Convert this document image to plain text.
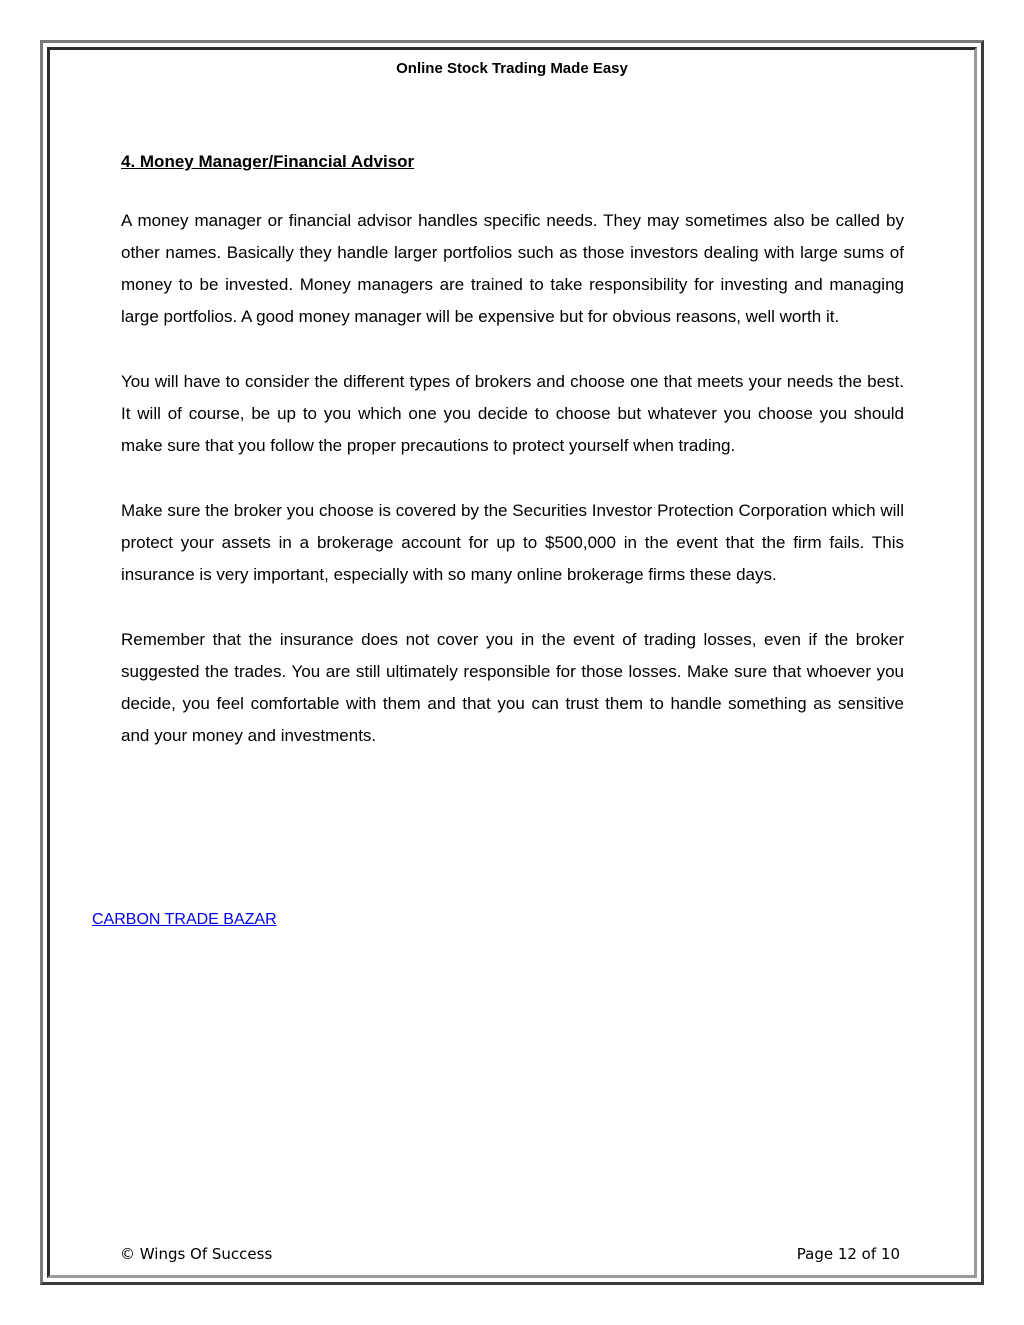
Online Stock Trading Made Easy
4. Money Manager/Financial Advisor

A money manager or financial advisor handles specific needs. They may sometimes also be called by other names. Basically they handle larger portfolios such as those investors dealing with large sums of money to be invested. Money managers are trained to take responsibility for investing and managing large portfolios. A good money manager will be expensive but for obvious reasons, well worth it.

You will have to consider the different types of brokers and choose one that meets your needs the best. It will of course, be up to you which one you decide to choose but whatever you choose you should make sure that you follow the proper precautions to protect yourself when trading.

Make sure the broker you choose is covered by the Securities Investor Protection Corporation which will protect your assets in a brokerage account for up to $500,000 in the event that the firm fails. This insurance is very important, especially with so many online brokerage firms these days.

Remember that the insurance does not cover you in the event of trading losses, even if the broker suggested the trades. You are still ultimately responsible for those losses. Make sure that whoever you decide, you feel comfortable with them and that you can trust them to handle something as sensitive and your money and investments.

CARBON TRADE BAZAR
© Wings Of Success	Page 12 of 10
